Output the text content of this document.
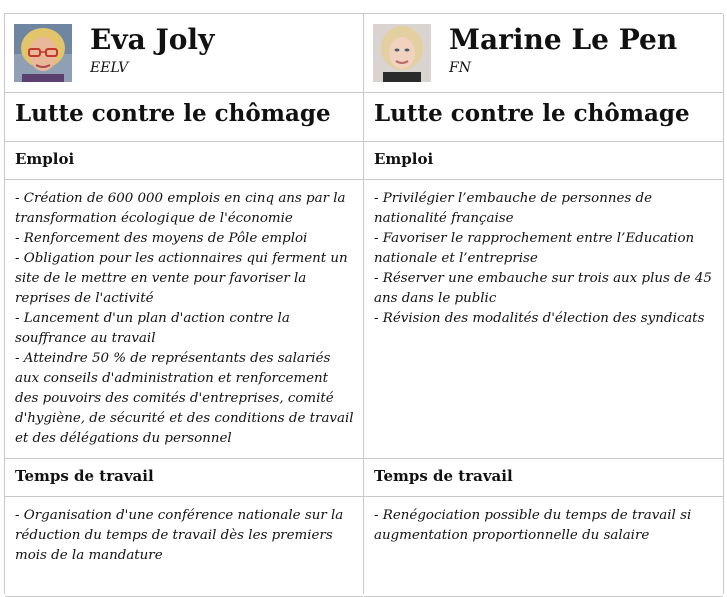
Eva Joly
EELV
Lutte contre le chômage
Emploi
- Création de 600 000 emplois en cinq ans par la transformation écologique de l'économie
- Renforcement des moyens de Pôle emploi
- Obligation pour les actionnaires qui ferment un site de le mettre en vente pour favoriser la reprises de l'activité
- Lancement d'un plan d'action contre la souffrance au travail
- Atteindre 50 % de représentants des salariés aux conseils d'administration et renforcement des pouvoirs des comités d'entreprises, comité d'hygiène, de sécurité et des conditions de travail et des délégations du personnel
Temps de travail
- Organisation d'une conférence nationale sur la réduction du temps de travail dès les premiers mois de la mandature
Marine Le Pen
FN
Lutte contre le chômage
Emploi
- Privilégier l’embauche de personnes de nationalité française
- Favoriser le rapprochement entre l’Education nationale et l’entreprise
- Réserver une embauche sur trois aux plus de 45 ans dans le public
- Révision des modalités d'élection des syndicats
Temps de travail
- Renégociation possible du temps de travail si augmentation proportionnelle du salaire
